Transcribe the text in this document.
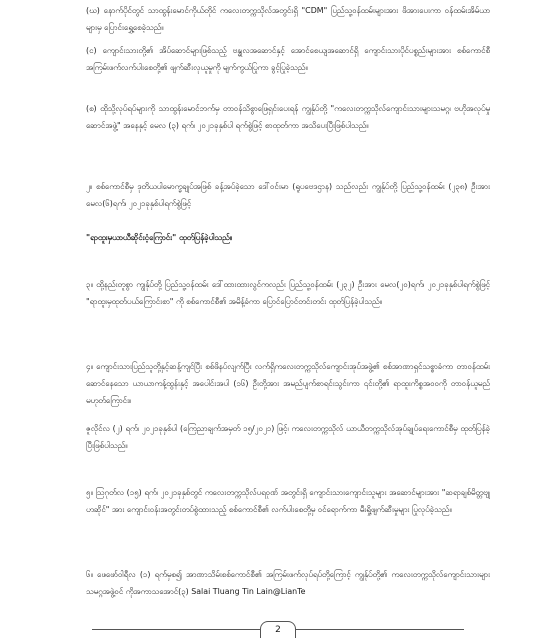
(ဃ) နောက်ပိုင်တွင် သာထွန်းမောင်ကိုယ်တိုင် ကလေးတက္ကသိုလ်အတွင်းရှိ "CDM" ပြည်သူ့ဝန်ထမ်းများအား ဖိအားပေးကာ ဝန်ထမ်းအိမ်ယာများမှ ပြောင်းရွှေ့စေခဲ့သည်။
(င) ကျောင်းသားတို့၏ အိပ်ဆောင်များဖြစ်သည့် ဗန္ဓုလအဆောင်နှင့် အောင်စေယျအဆောင်ရှိ ကျောင်းသားပိုင်ပစ္စည်းများအား စစ်ကောင်စီအကြမ်းဖက်လက်ပါးစေတို့၏ ဖျက်ဆီးလုယူမှုကို မျက်ကွယ်ပြုကာ ခွင့်ပြုခဲ့သည်။
(စ) ထိုသို့လုပ်ရပ်များကို သာထွန်းမောင်ဘက်မှ တာဝန်သိစွာဖြေရှင်းပေးရန် ကျွန်ုပ်တို့ "ကလေးတက္ကသိုလ်ကျောင်းသားများသမဂ္ဂ၊ ဗဟိုအလုပ်မှုဆောင်အဖွဲ့" အနေနှင့် မေလ (၃) ရက်၊ ၂၀၂၁ခုနှစ်ပါ ရက်စွဲဖြင့် စာထုတ်ကာ အသိပေးပြီးဖြစ်ပါသည်။
၂။ စစ်ကောင်စီမှ ဒုတိယပါမောက္ခချုပ်အဖြစ် ခန့်အပ်ခဲ့သော ဒေါ်ဝင်းမာ (ရူပဗေဒဌာန) သည်လည်း ကျွန်ုပ်တို့ ပြည်သူ့ဝန်ထမ်း (၂၃၈) ဦးအား မေလ(၆)ရက်၊ ၂၀၂၁ခုနှစ်ပါရက်စွဲဖြင့်
"ရာထူးမှယာယီဆိုင်းငံ့ကြောင်း" ထုတ်ပြန်ခဲ့ပါသည်။
၃။ ထို့နည်းတူစွာ ကျွန်ုပ်တို့ ပြည်သူ့ဝန်ထမ်း ဒေါ်ထားထားလွင်ကလည်း ပြည်သူ့ဝန်ထမ်း (၂၃၂) ဦးအား မေလ(၂၀)ရက်၊ ၂၀၂၁ခုနှစ်ပါရက်စွဲဖြင့် "ရာထူးမှထုတ်ပယ်ကြောင်းစာ" ကို စစ်ကောင်စီ၏ အမိန့်ခံကာ ပြောင်ပြောင်တင်းတင်း ထုတ်ပြန်ခဲ့ပါသည်။
၄။ ကျောင်းသားပြည်သူတို့နှင့်ဆန့်ကျင်ပြီး စစ်ဖိနပ်လျက်ပြီး လက်ရှိကလေးတက္ကသိုလ်ကျောင်းအုပ်အဖွဲ့၏ စစ်အာဏာရှင်သစ္စာခံကာ တာဝန်ထမ်းဆောင်နေသော ယာယာကန့်ထွန်းနှင့် အပေါင်းအပါ (၁၆) ဦးတို့အား အမည်ပျက်စာရင်းသွင်းကာ ၎င်းတို့၏ ရာထူးကိစ္စအဝဝကို တာဝန်ယူမည်မဟုတ်ကြောင်း။
ဇူလိုင်လ (၂) ရက်၊ ၂၀၂၁ခုနှစ်ပါ (ကြေညာချက်အမှတ် ၁၅/၂၀၂၁) ဖြင့်၊ ကလေးတက္ကသိုလ် ယာယီတက္ကသိုလ်အုပ်ချုပ်ရေးကောင်စီမှ ထုတ်ပြန်ခဲ့ပြီးဖြစ်ပါသည်။
၅။ ဩဂုတ်လ (၁၅) ရက်၊ ၂၀၂၁ခုနှစ်တွင် ကလေးတက္ကသိုလ်ပရဝုဏ် အတွင်းရှိ ကျောင်းသားကျောင်းသူများ အဆောင်များအား "ဆရာချစ်မိတ္တဗျုဟဆိုင်" အား ကျောင်းဝန်းအတွင်းတပ်စွဲထားသည့် စစ်ကောင်စီ၏ လက်ပါးစေတို့မှ ဝင်ရောက်ကာ မီးရှို့ဖျက်ဆီးမှုများ ပြုလုပ်ခဲ့သည်။
၆။ ဖေဖော်ဝါရီလ (၁) ရက်မှစ၍ အာဏာသိမ်းစစ်ကောင်စီ၏ အကြမ်းဖက်လုပ်ရပ်တို့ကြောင့် ကျွန်ုပ်တို့၏ ကလေးတက္ကသိုလ်ကျောင်းသားများသမဂ္ဂအဖွဲ့ဝင် ကိုအကာသအောင်(၃) Salai Tluang Tin Lain@LianTe
2
